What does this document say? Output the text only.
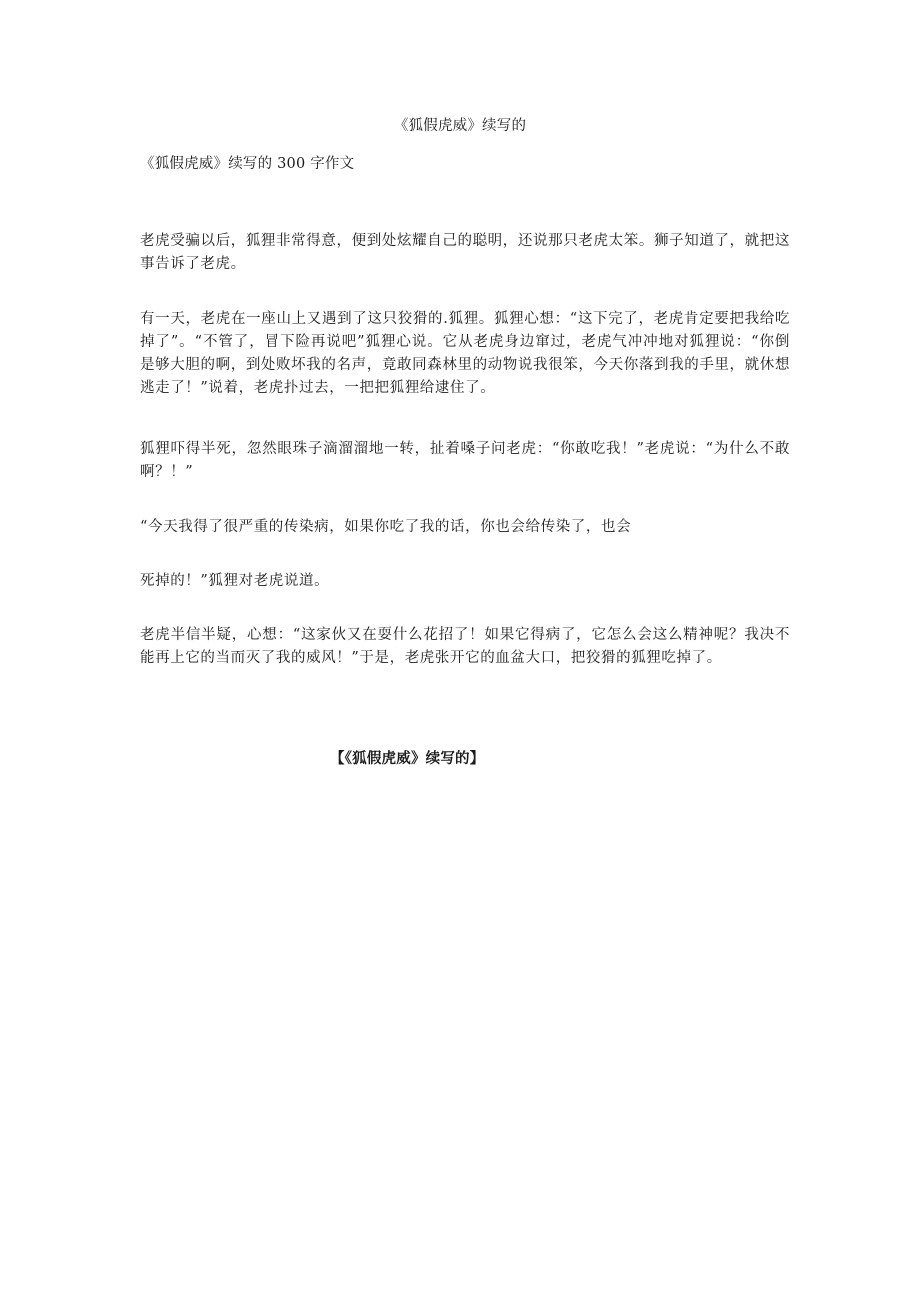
《狐假虎威》续写的
《狐假虎威》续写的 300 字作文

老虎受骗以后，狐狸非常得意，便到处炫耀自己的聪明，还说那只老虎太笨。狮子知道了，就把这事告诉了老虎。

有一天，老虎在一座山上又遇到了这只狡猾的.狐狸。狐狸心想：“这下完了，老虎肯定要把我给吃掉了”。“不管了，冒下险再说吧”狐狸心说。它从老虎身边窜过，老虎气冲冲地对狐狸说：“你倒是够大胆的啊，到处败坏我的名声，竟敢同森林里的动物说我很笨，今天你落到我的手里，就休想逃走了！”说着，老虎扑过去，一把把狐狸给逮住了。

狐狸吓得半死，忽然眼珠子滴溜溜地一转，扯着嗓子问老虎：“你敢吃我！”老虎说：“为什么不敢啊？！”

“今天我得了很严重的传染病，如果你吃了我的话，你也会给传染了，也会

死掉的！”狐狸对老虎说道。

老虎半信半疑，心想：“这家伙又在耍什么花招了！如果它得病了，它怎么会这么精神呢？我决不能再上它的当而灭了我的威风！”于是，老虎张开它的血盆大口，把狡猾的狐狸吃掉了。

【《狐假虎威》续写的】
